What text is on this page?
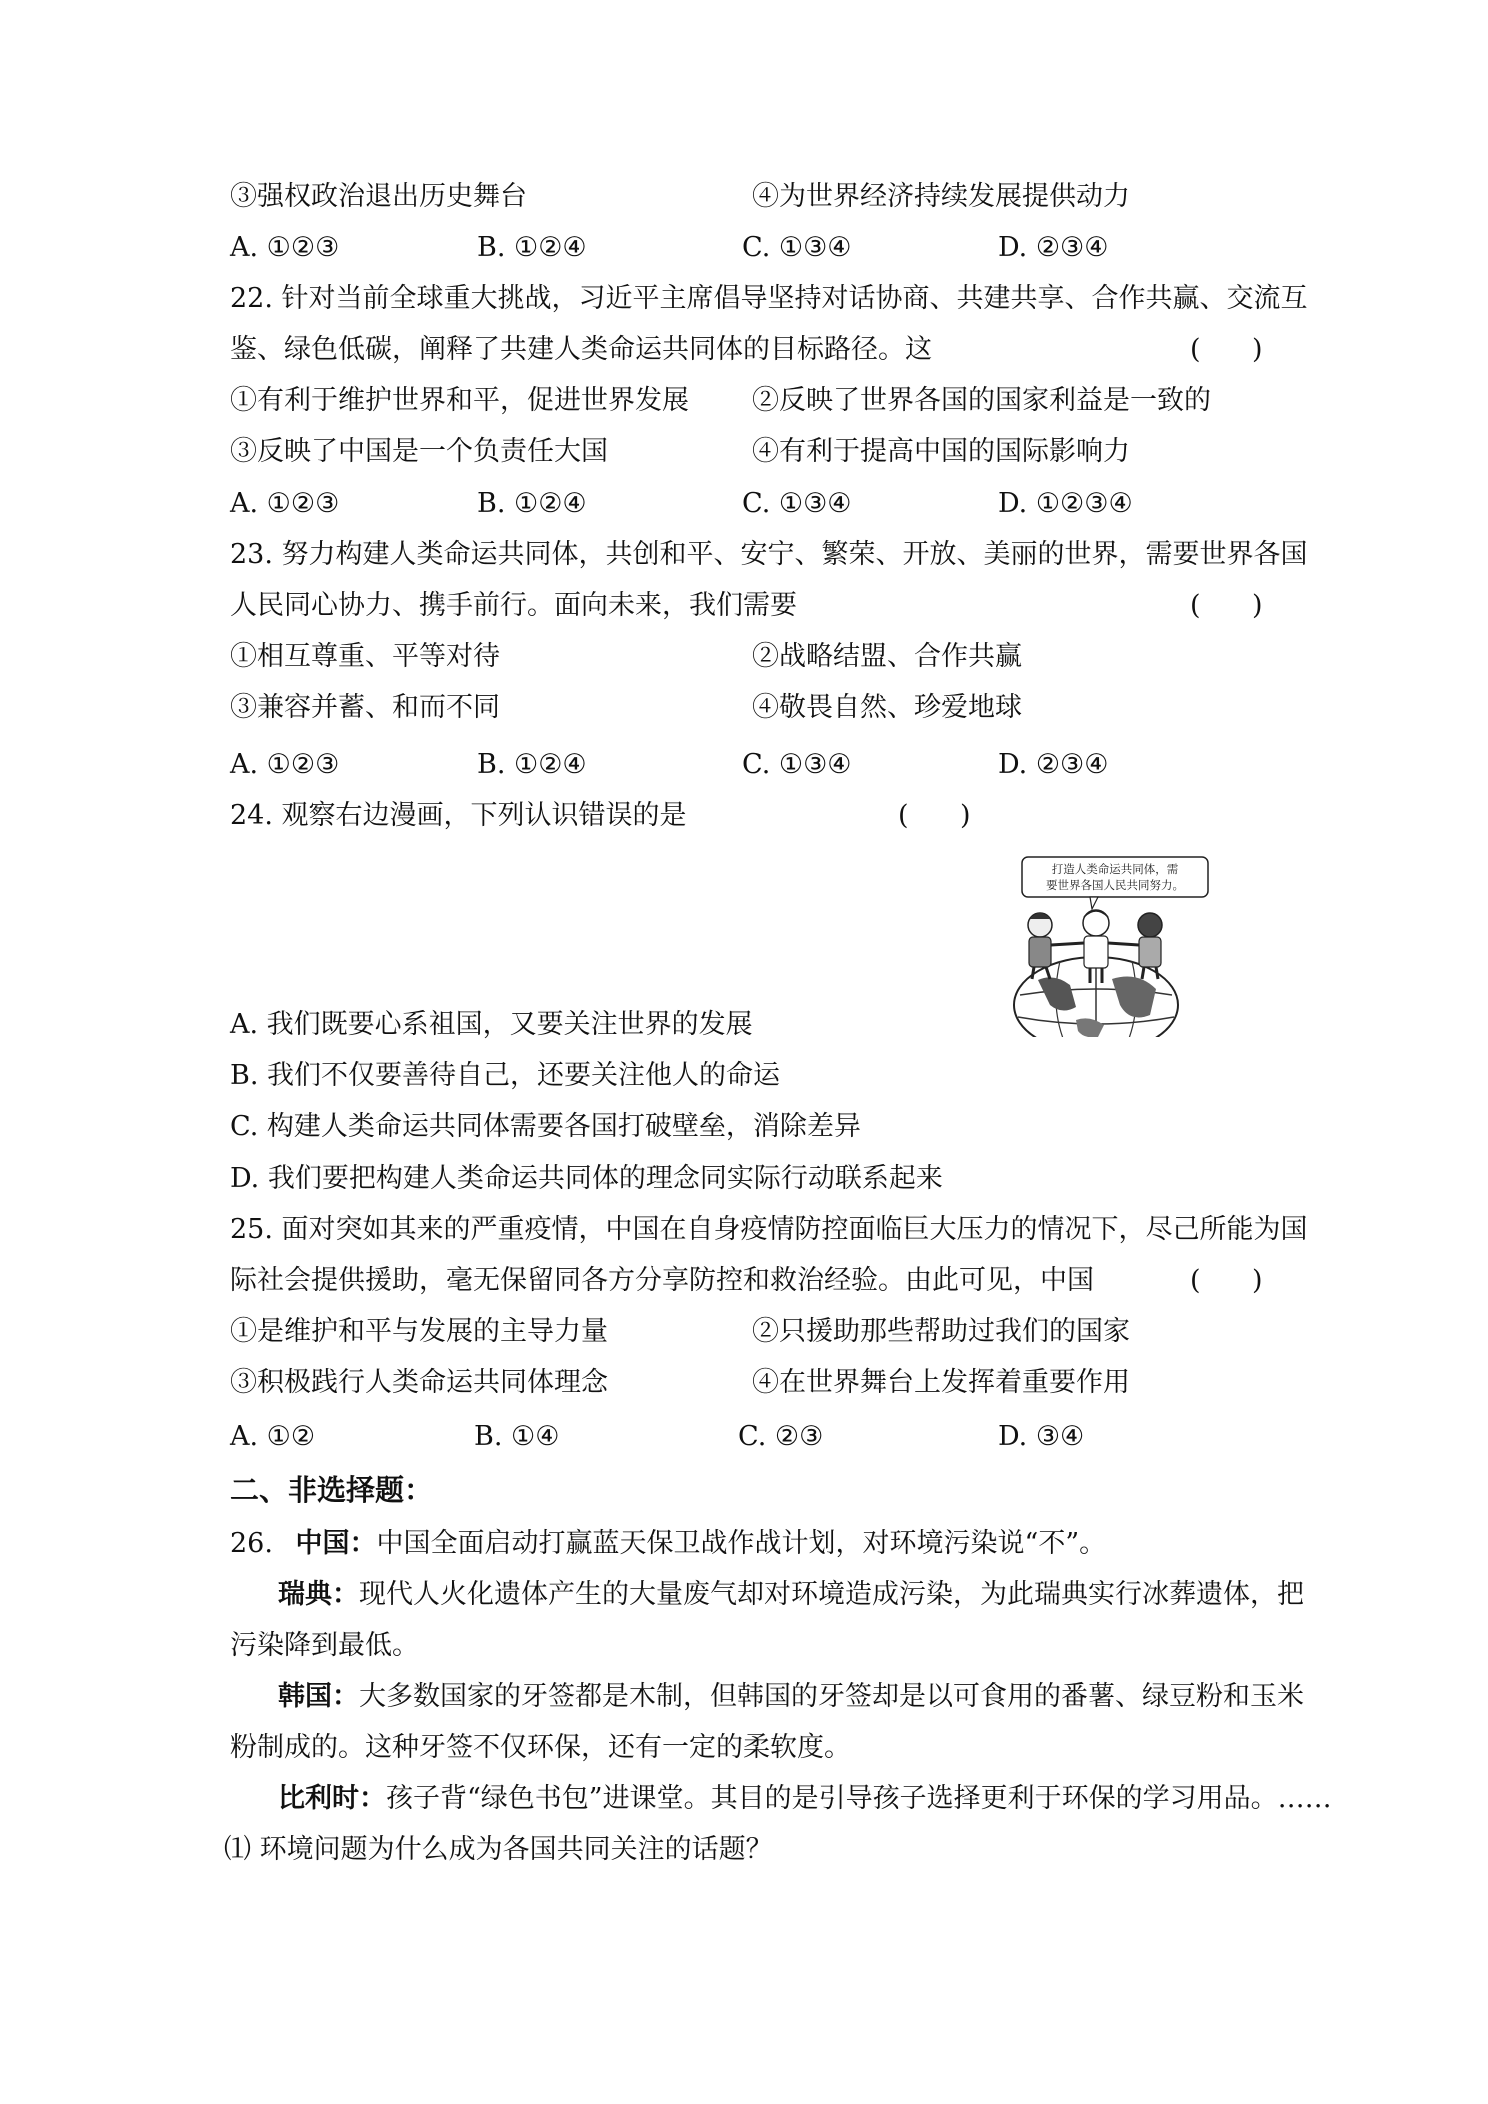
③强权政治退出历史舞台	④为世界经济持续发展提供动力
A. ①②③	B. ①②④	C. ①③④	D. ②③④
22. 针对当前全球重大挑战，习近平主席倡导坚持对话协商、共建共享、合作共赢、交流互
鉴、绿色低碳，阐释了共建人类命运共同体的目标路径。这	(      )
①有利于维护世界和平，促进世界发展 ②反映了世界各国的国家利益是一致的
③反映了中国是一个负责任大国	④有利于提高中国的国际影响力
A. ①②③	B. ①②④	C. ①③④	D. ①②③④
23. 努力构建人类命运共同体，共创和平、安宁、繁荣、开放、美丽的世界，需要世界各国
人民同心协力、携手前行。面向未来，我们需要	(      )
①相互尊重、平等对待	②战略结盟、合作共赢
③兼容并蓄、和而不同	④敬畏自然、珍爱地球
A. ①②③	B. ①②④	C. ①③④	D. ②③④
24. 观察右边漫画，下列认识错误的是	(      )
打造人类命运共同体，需
要世界各国人民共同努力。
A. 我们既要心系祖国，又要关注世界的发展
B. 我们不仅要善待自己，还要关注他人的命运
C. 构建人类命运共同体需要各国打破壁垒，消除差异
D. 我们要把构建人类命运共同体的理念同实际行动联系起来
25. 面对突如其来的严重疫情，中国在自身疫情防控面临巨大压力的情况下，尽己所能为国
际社会提供援助，毫无保留同各方分享防控和救治经验。由此可见，中国	(      )
①是维护和平与发展的主导力量	②只援助那些帮助过我们的国家
③积极践行人类命运共同体理念	④在世界舞台上发挥着重要作用
A. ①②	B. ①④	C. ②③	D. ③④
二、非选择题：
26. 中国：中国全面启动打赢蓝天保卫战作战计划，对环境污染说“不”。
瑞典：现代人火化遗体产生的大量废气却对环境造成污染，为此瑞典实行冰葬遗体，把
污染降到最低。
韩国：大多数国家的牙签都是木制，但韩国的牙签却是以可食用的番薯、绿豆粉和玉米
粉制成的。这种牙签不仅环保，还有一定的柔软度。
比利时：孩子背“绿色书包”进课堂。其目的是引导孩子选择更利于环保的学习用品。……
⑴ 环境问题为什么成为各国共同关注的话题？
